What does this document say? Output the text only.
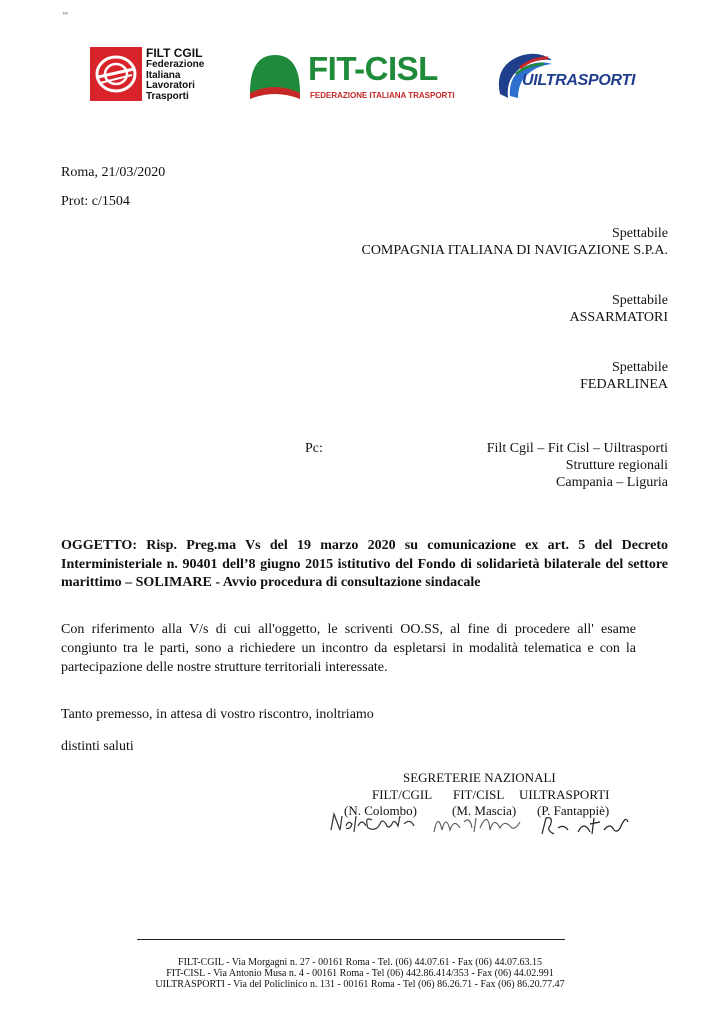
™
FILT CGIL
Federazione
Italiana
Lavoratori
Trasporti
FIT-CISL
FEDERAZIONE ITALIANA TRASPORTI
UILTRASPORTI
Roma, 21/03/2020
Prot: c/1504
Spettabile
COMPAGNIA ITALIANA DI NAVIGAZIONE S.P.A.
Spettabile
ASSARMATORI
Spettabile
FEDARLINEA
Pc:	Filt Cgil – Fit Cisl – Uiltrasporti
Strutture regionali
Campania – Liguria
OGGETTO: Risp. Preg.ma Vs del 19 marzo 2020 su comunicazione ex art. 5 del Decreto Interministeriale n. 90401 dell’8 giugno 2015 istitutivo del Fondo di solidarietà bilaterale del settore marittimo – SOLIMARE - Avvio procedura di consultazione sindacale
Con riferimento alla V/s di cui all'oggetto, le scriventi OO.SS, al fine di procedere all' esame congiunto tra le parti, sono a richiedere un incontro da espletarsi in modalità telematica e con la partecipazione delle nostre strutture territoriali interessate.
Tanto premesso, in attesa di vostro riscontro, inoltriamo
distinti saluti
SEGRETERIE NAZIONALI
FILT/CGIL FIT/CISL UILTRASPORTI
(N. Colombo)	(M. Mascia) (P. Fantappiè)
FILT-CGIL - Via Morgagni n. 27 - 00161 Roma - Tel. (06) 44.07.61 - Fax (06) 44.07.63.15
FIT-CISL - Via Antonio Musa n. 4 - 00161 Roma - Tel (06) 442.86.414/353 - Fax (06) 44.02.991
UILTRASPORTI - Via del Policlinico n. 131 - 00161 Roma - Tel (06) 86.26.71 - Fax (06) 86.20.77.47
